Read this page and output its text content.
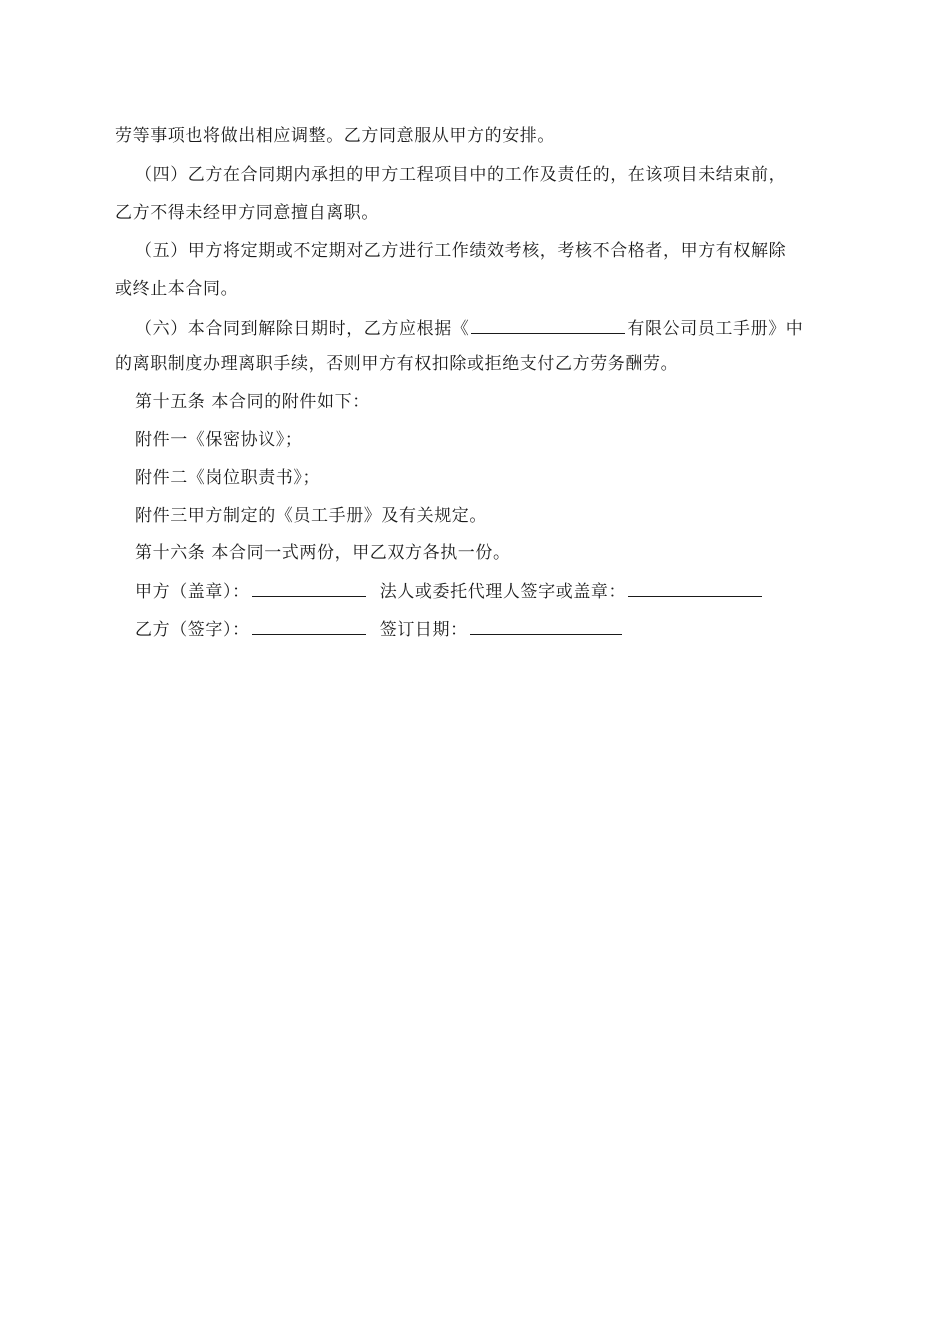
劳等事项也将做出相应调整。乙方同意服从甲方的安排。
（四）乙方在合同期内承担的甲方工程项目中的工作及责任的，在该项目未结束前，
乙方不得未经甲方同意擅自离职。
（五）甲方将定期或不定期对乙方进行工作绩效考核，考核不合格者，甲方有权解除
或终止本合同。
（六）本合同到解除日期时，乙方应根据《	有限公司员工手册》中
的离职制度办理离职手续，否则甲方有权扣除或拒绝支付乙方劳务酬劳。
第十五条 本合同的附件如下：
附件一《保密协议》；
附件二《岗位职责书》；
附件三甲方制定的《员工手册》及有关规定。
第十六条 本合同一式两份，甲乙双方各执一份。
甲方（盖章）：	法人或委托代理人签字或盖章：
乙方（签字）：	签订日期：
